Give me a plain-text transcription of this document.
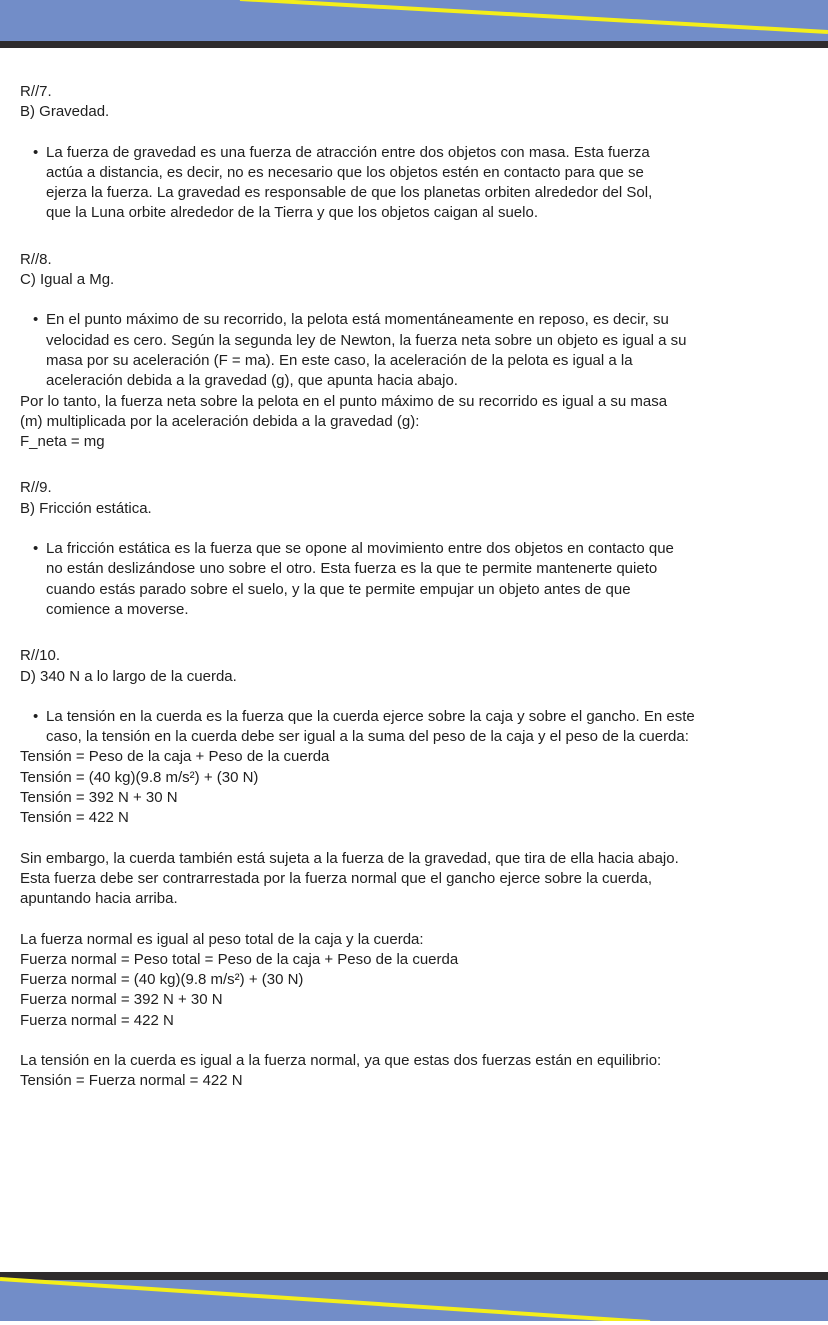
R//7.
B) Gravedad.
• La fuerza de gravedad es una fuerza de atracción entre dos objetos con masa. Esta fuerza
actúa a distancia, es decir, no es necesario que los objetos estén en contacto para que se
ejerza la fuerza. La gravedad es responsable de que los planetas orbiten alrededor del Sol,
que la Luna orbite alrededor de la Tierra y que los objetos caigan al suelo.
R//8.
C) Igual a Mg.
• En el punto máximo de su recorrido, la pelota está momentáneamente en reposo, es decir, su
velocidad es cero. Según la segunda ley de Newton, la fuerza neta sobre un objeto es igual a su
masa por su aceleración (F = ma). En este caso, la aceleración de la pelota es igual a la
aceleración debida a la gravedad (g), que apunta hacia abajo.
Por lo tanto, la fuerza neta sobre la pelota en el punto máximo de su recorrido es igual a su masa
(m) multiplicada por la aceleración debida a la gravedad (g):
F_neta = mg
R//9.
B) Fricción estática.
• La fricción estática es la fuerza que se opone al movimiento entre dos objetos en contacto que
no están deslizándose uno sobre el otro. Esta fuerza es la que te permite mantenerte quieto
cuando estás parado sobre el suelo, y la que te permite empujar un objeto antes de que
comience a moverse.
R//10.
D) 340 N a lo largo de la cuerda.
• La tensión en la cuerda es la fuerza que la cuerda ejerce sobre la caja y sobre el gancho. En este
caso, la tensión en la cuerda debe ser igual a la suma del peso de la caja y el peso de la cuerda:
Tensión = Peso de la caja + Peso de la cuerda
Tensión = (40 kg)(9.8 m/s²) + (30 N)
Tensión = 392 N + 30 N
Tensión = 422 N
Sin embargo, la cuerda también está sujeta a la fuerza de la gravedad, que tira de ella hacia abajo.
Esta fuerza debe ser contrarrestada por la fuerza normal que el gancho ejerce sobre la cuerda,
apuntando hacia arriba.
La fuerza normal es igual al peso total de la caja y la cuerda:
Fuerza normal = Peso total = Peso de la caja + Peso de la cuerda
Fuerza normal = (40 kg)(9.8 m/s²) + (30 N)
Fuerza normal = 392 N + 30 N
Fuerza normal = 422 N
La tensión en la cuerda es igual a la fuerza normal, ya que estas dos fuerzas están en equilibrio:
Tensión = Fuerza normal = 422 N
